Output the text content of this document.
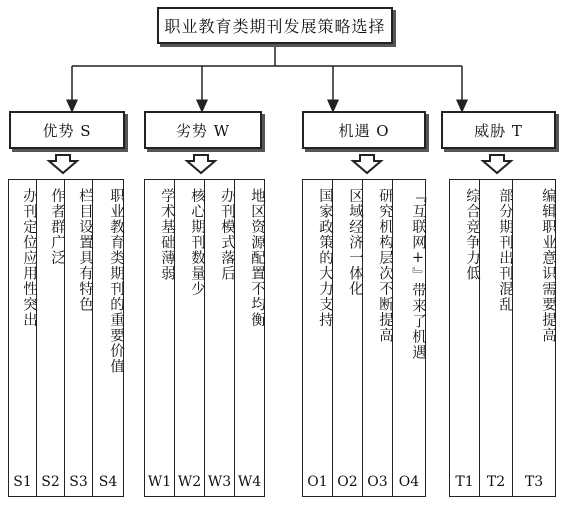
职业教育类期刊发展策略选择
优势 S	劣势 W	机遇 O	威胁 T
办刊定位应用性突出
S1
作者群广泛
S2
栏目设置具有特色
S3
职业教育类期刊的重要价值
S4
学术基础薄弱
W1
核心期刊数量少
W2
办刊模式落后
W3
地区资源配置不均衡
W4
国家政策的大力支持
O1
区域经济一体化
O2
研究机构层次不断提高
O3
『互联网+』带来了机遇
O4
综合竞争力低
T1
部分期刊出刊混乱
T2
编辑职业意识需要提高
T3
